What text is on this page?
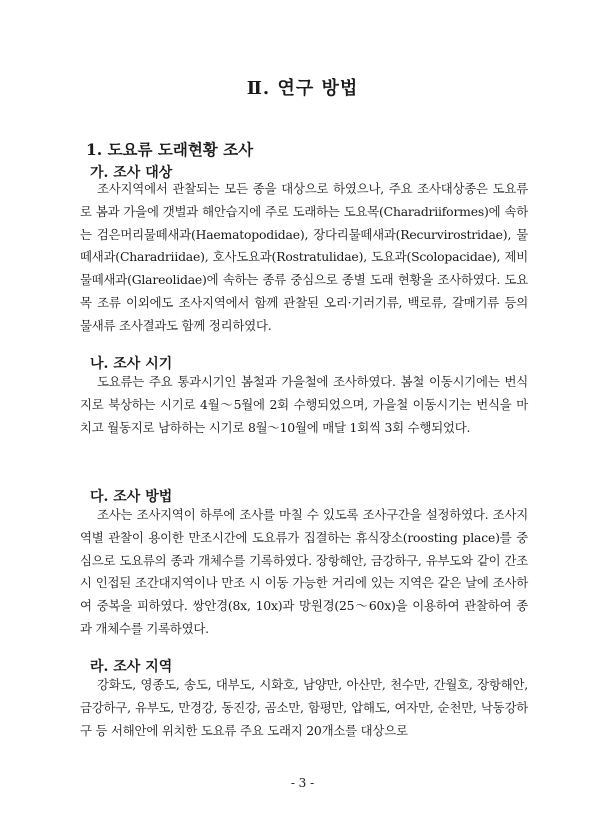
Ⅱ. 연구 방법
1. 도요류 도래현황 조사
가. 조사 대상

조사지역에서 관찰되는 모든 종을 대상으로 하였으나, 주요 조사대상종은 도요류로 봄과 가을에 갯벌과 해안습지에 주로 도래하는 도요목(Charadriiformes)에 속하는 검은머리물떼새과(Haematopodidae), 장다리물떼새과(Recurvirostridae), 물떼새과(Charadriidae), 호사도요과(Rostratulidae), 도요과(Scolopacidae), 제비물떼새과(Glareolidae)에 속하는 종류 중심으로 종별 도래 현황을 조사하였다. 도요목 조류 이외에도 조사지역에서 함께 관찰된 오리·기러기류, 백로류, 갈매기류 등의 물새류 조사결과도 함께 정리하였다.

나. 조사 시기

도요류는 주요 통과시기인 봄철과 가을철에 조사하였다. 봄철 이동시기에는 번식지로 북상하는 시기로 4월～5월에 2회 수행되었으며, 가을철 이동시기는 번식을 마치고 월동지로 남하하는 시기로 8월～10월에 매달 1회씩 3회 수행되었다.

다. 조사 방법

조사는 조사지역이 하루에 조사를 마칠 수 있도록 조사구간을 설정하였다. 조사지역별 관찰이 용이한 만조시간에 도요류가 집결하는 휴식장소(roosting place)를 중심으로 도요류의 종과 개체수를 기록하였다. 장항해안, 금강하구, 유부도와 같이 간조 시 인접된 조간대지역이나 만조 시 이동 가능한 거리에 있는 지역은 같은 날에 조사하여 중복을 피하였다. 쌍안경(8x, 10x)과 망원경(25～60x)을 이용하여 관찰하여 종과 개체수를 기록하였다.

라. 조사 지역

강화도, 영종도, 송도, 대부도, 시화호, 남양만, 아산만, 천수만, 간월호, 장항해안, 금강하구, 유부도, 만경강, 동진강, 곰소만, 함평만, 압해도, 여자만, 순천만, 낙동강하구 등 서해안에 위치한 도요류 주요 도래지 20개소를 대상으로

- 3 -
